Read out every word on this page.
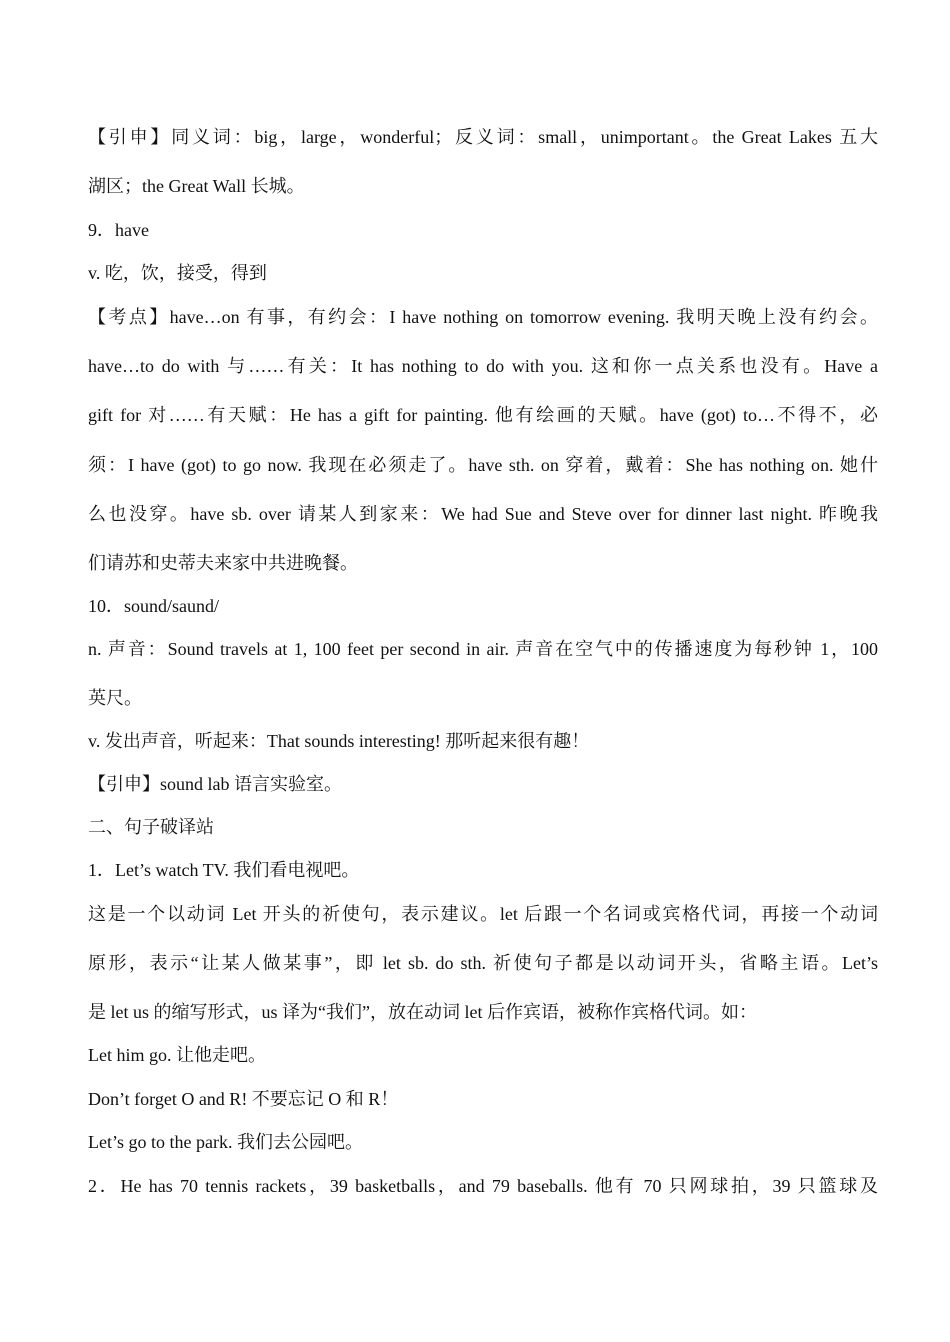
【引申】同义词：big，large，wonderful；反义词：small，unimportant。the Great Lakes 五大
湖区；the Great Wall 长城。
9．have
v. 吃，饮，接受，得到
【考点】have…on 有事，有约会：I have nothing on tomorrow evening. 我明天晚上没有约会。
have…to do with 与……有关：It has nothing to do with you. 这和你一点关系也没有。Have a
gift for 对……有天赋：He has a gift for painting. 他有绘画的天赋。have (got) to…不得不，必
须：I have (got) to go now. 我现在必须走了。have sth. on 穿着，戴着：She has nothing on. 她什
么也没穿。have sb. over 请某人到家来：We had Sue and Steve over for dinner last night. 昨晚我
们请苏和史蒂夫来家中共进晚餐。
10．sound/saund/
n. 声音：Sound travels at 1, 100 feet per second in air. 声音在空气中的传播速度为每秒钟 1，100
英尺。
v. 发出声音，听起来：That sounds interesting! 那听起来很有趣！
【引申】sound lab 语言实验室。
二、句子破译站
1．Let’s watch TV. 我们看电视吧。
这是一个以动词 Let 开头的祈使句，表示建议。let 后跟一个名词或宾格代词，再接一个动词
原形，表示“让某人做某事”，即 let sb. do sth. 祈使句子都是以动词开头，省略主语。Let’s
是 let us 的缩写形式，us 译为“我们”，放在动词 let 后作宾语，被称作宾格代词。如：
Let him go. 让他走吧。
Don’t forget O and R! 不要忘记 O 和 R！
Let’s go to the park. 我们去公园吧。
2．He has 70 tennis rackets，39 basketballs，and 79 baseballs. 他有 70 只网球拍，39 只篮球及
